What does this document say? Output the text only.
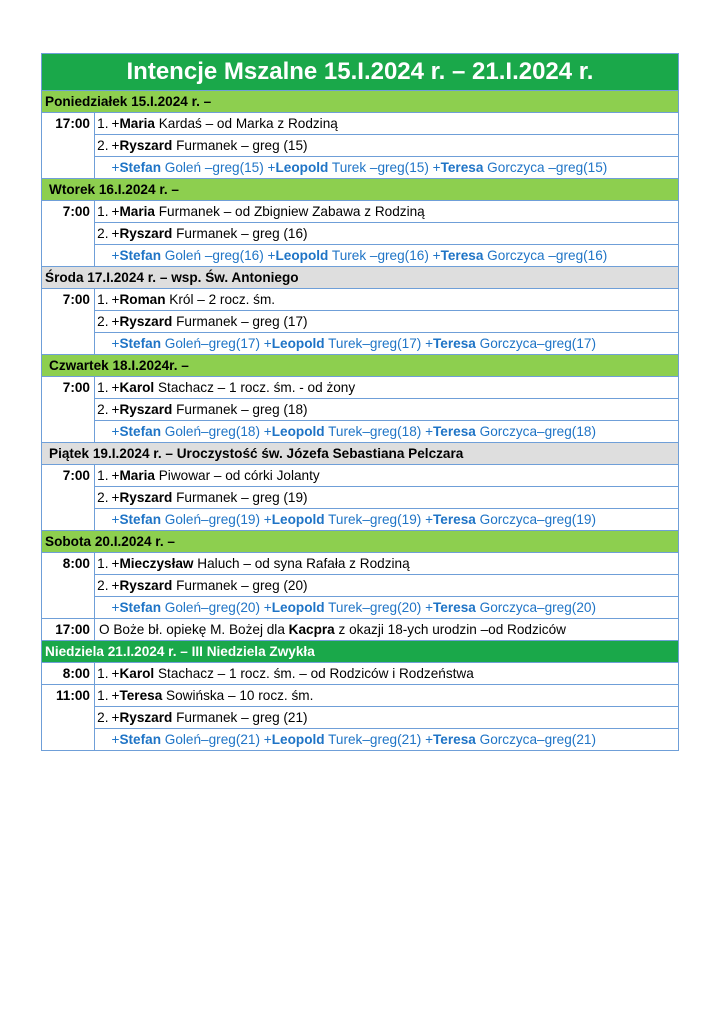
Intencje Mszalne 15.I.2024 r. – 21.I.2024 r.
Poniedziałek 15.I.2024 r. –		
17:00	1.	+Maria Kardaś – od Marka z Rodziną
	2.	+Ryszard Furmanek – greg (15)
		+Stefan Goleń –greg(15) +Leopold Turek –greg(15) +Teresa Gorczyca –greg(15)
Wtorek 16.I.2024 r. –		
7:00	1.	+Maria Furmanek – od Zbigniew Zabawa z Rodziną
	2.	+Ryszard Furmanek – greg (16)
		+Stefan Goleń –greg(16) +Leopold Turek –greg(16) +Teresa Gorczyca –greg(16)
Środa 17.I.2024 r. – wsp. Św. Antoniego		
7:00	1.	+Roman Król – 2 rocz. śm.
	2.	+Ryszard Furmanek – greg (17)
		+Stefan Goleń–greg(17) +Leopold Turek–greg(17) +Teresa Gorczyca–greg(17)
Czwartek 18.I.2024r. –		
7:00	1.	+Karol Stachacz – 1 rocz. śm. - od żony
	2.	+Ryszard Furmanek – greg (18)
		+Stefan Goleń–greg(18) +Leopold Turek–greg(18) +Teresa Gorczyca–greg(18)
Piątek 19.I.2024 r. – Uroczystość św. Józefa Sebastiana Pelczara		
7:00	1.	+Maria Piwowar – od córki Jolanty
	2.	+Ryszard Furmanek – greg (19)
		+Stefan Goleń–greg(19) +Leopold Turek–greg(19) +Teresa Gorczyca–greg(19)
Sobota 20.I.2024 r. –		
8:00	1.	+Mieczysław Haluch – od syna Rafała z Rodziną
	2.	+Ryszard Furmanek – greg (20)
		+Stefan Goleń–greg(20) +Leopold Turek–greg(20) +Teresa Gorczyca–greg(20)
17:00	O Boże bł. opiekę M. Bożej dla Kacpra z okazji 18-ych urodzin –od Rodziców	
Niedziela 21.I.2024 r. – III Niedziela Zwykła		
8:00	1.	+Karol Stachacz – 1 rocz. śm. – od Rodziców i Rodzeństwa
11:00	1.	+Teresa Sowińska – 10 rocz. śm.
	2.	+Ryszard Furmanek – greg (21)
		+Stefan Goleń–greg(21) +Leopold Turek–greg(21) +Teresa Gorczyca–greg(21)
